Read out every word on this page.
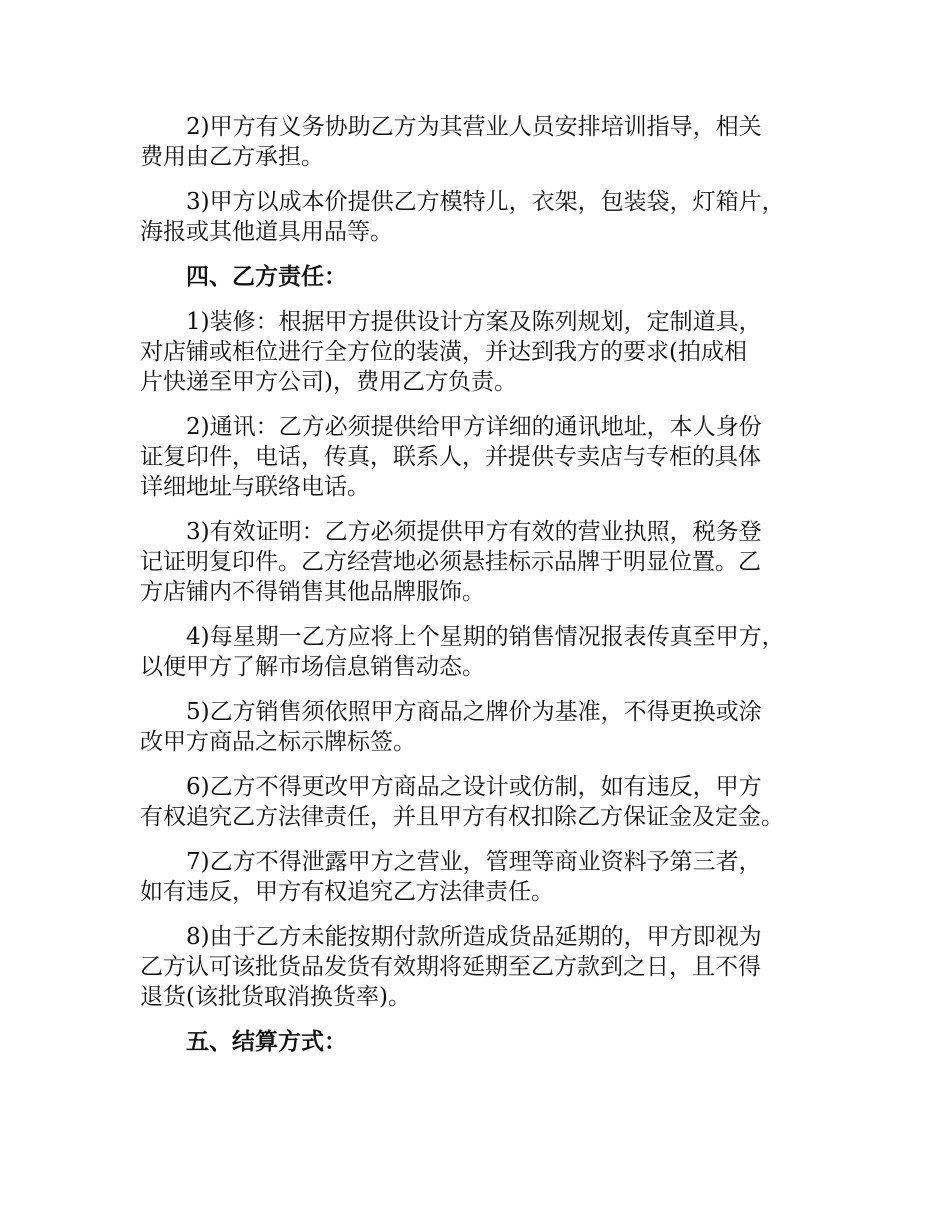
2)甲方有义务协助乙方为其营业人员安排培训指导，相关
费用由乙方承担。
3)甲方以成本价提供乙方模特儿，衣架，包装袋，灯箱片，
海报或其他道具用品等。
四、乙方责任：
1)装修：根据甲方提供设计方案及陈列规划，定制道具，
对店铺或柜位进行全方位的装潢，并达到我方的要求(拍成相
片快递至甲方公司)，费用乙方负责。
2)通讯：乙方必须提供给甲方详细的通讯地址，本人身份
证复印件，电话，传真，联系人，并提供专卖店与专柜的具体
详细地址与联络电话。
3)有效证明：乙方必须提供甲方有效的营业执照，税务登
记证明复印件。乙方经营地必须悬挂标示品牌于明显位置。乙
方店铺内不得销售其他品牌服饰。
4)每星期一乙方应将上个星期的销售情况报表传真至甲方，
以便甲方了解市场信息销售动态。
5)乙方销售须依照甲方商品之牌价为基准，不得更换或涂
改甲方商品之标示牌标签。
6)乙方不得更改甲方商品之设计或仿制，如有违反，甲方
有权追究乙方法律责任，并且甲方有权扣除乙方保证金及定金。
7)乙方不得泄露甲方之营业，管理等商业资料予第三者，
如有违反，甲方有权追究乙方法律责任。
8)由于乙方未能按期付款所造成货品延期的，甲方即视为
乙方认可该批货品发货有效期将延期至乙方款到之日，且不得
退货(该批货取消换货率)。
五、结算方式：
